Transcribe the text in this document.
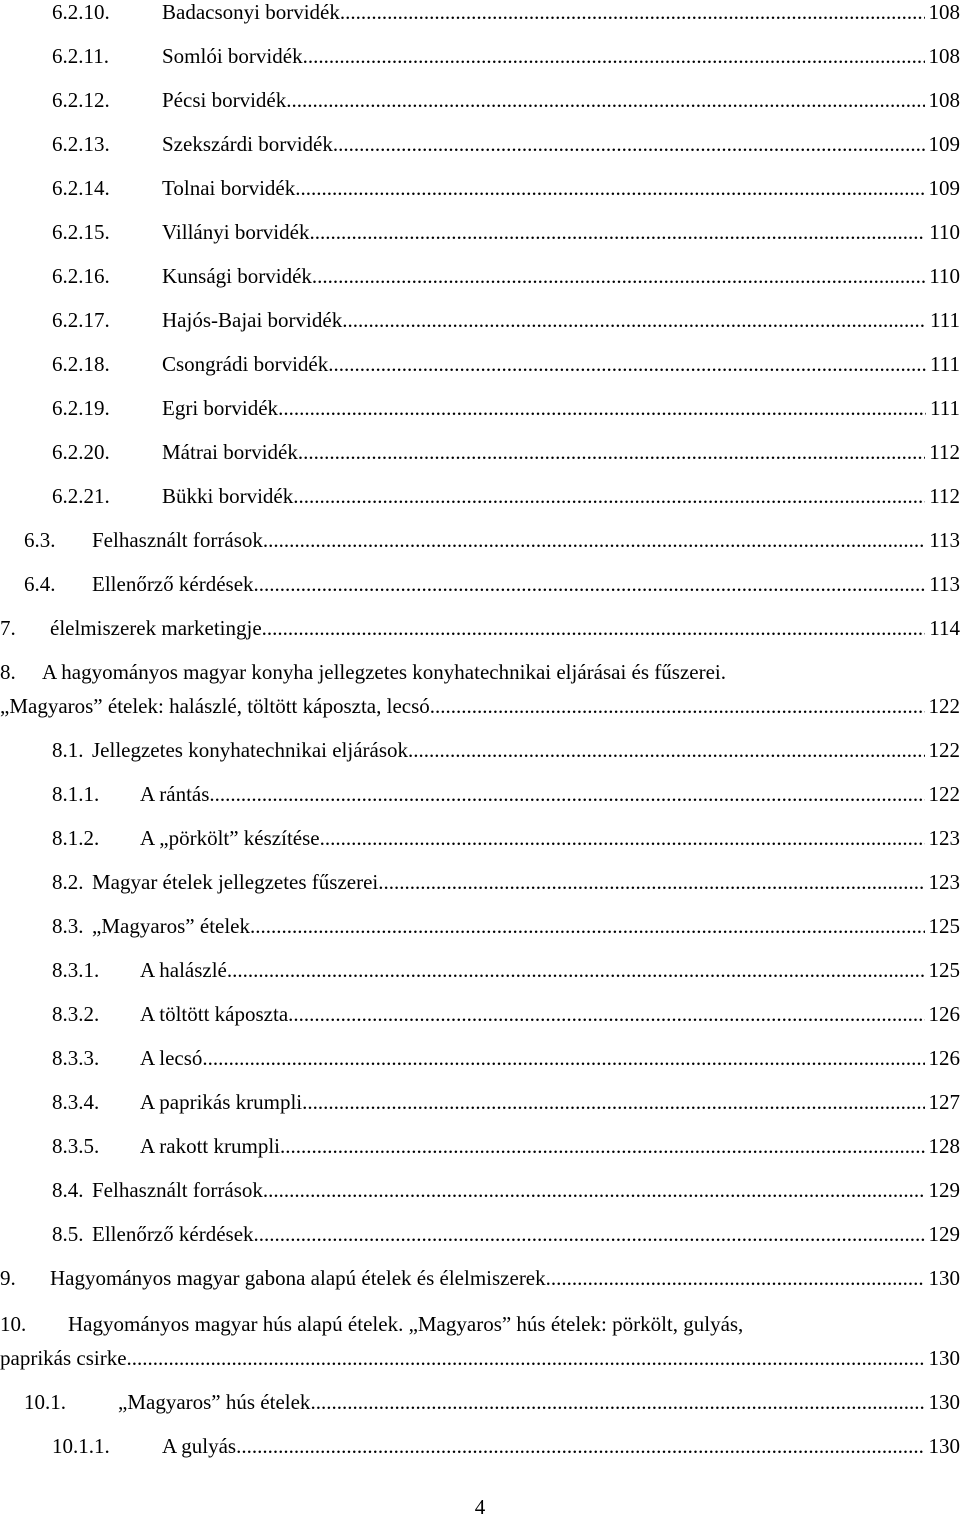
6.2.10. Badacsonyi borvidék .....	108
6.2.11.	Somlói borvidék .....	108
6.2.12. Pécsi borvidék .....	108
6.2.13. Szekszárdi borvidék .....	109
6.2.14. Tolnai borvidék .....	109
6.2.15. Villányi borvidék .....	110
6.2.16. Kunsági borvidék .....	110
6.2.17. Hajós-Bajai borvidék .....	111
6.2.18. Csongrádi borvidék .....	111
6.2.19. Egri borvidék .....	111
6.2.20. Mátrai borvidék .....	112
6.2.21. Bükki borvidék .....	112
6.3. Felhasznált források .....	113
6.4. Ellenőrző kérdések .....	113
7. élelmiszerek marketingje .....	114
8. A hagyományos magyar konyha jellegzetes konyhatechnikai eljárásai és fűszerei.
„Magyaros” ételek: halászlé, töltött káposzta, lecsó .....	122
8.1. Jellegzetes konyhatechnikai eljárások .....	122
8.1.1. A rántás .....	122
8.1.2. A „pörkölt” készítése .....	123
8.2. Magyar ételek jellegzetes fűszerei .....	123
8.3. „Magyaros” ételek .....	125
8.3.1. A halászlé .....	125
8.3.2. A töltött káposzta .....	126
8.3.3. A lecsó .....	126
8.3.4. A paprikás krumpli .....	127
8.3.5. A rakott krumpli .....	128
8.4. Felhasznált források .....	129
8.5. Ellenőrző kérdések .....	129
9. Hagyományos magyar gabona alapú ételek és élelmiszerek .....	130
10. Hagyományos magyar hús alapú ételek. „Magyaros” hús ételek: pörkölt, gulyás,
paprikás csirke .....	130
10.1. „Magyaros” hús ételek .....	130
10.1.1. A gulyás .....	130
4
